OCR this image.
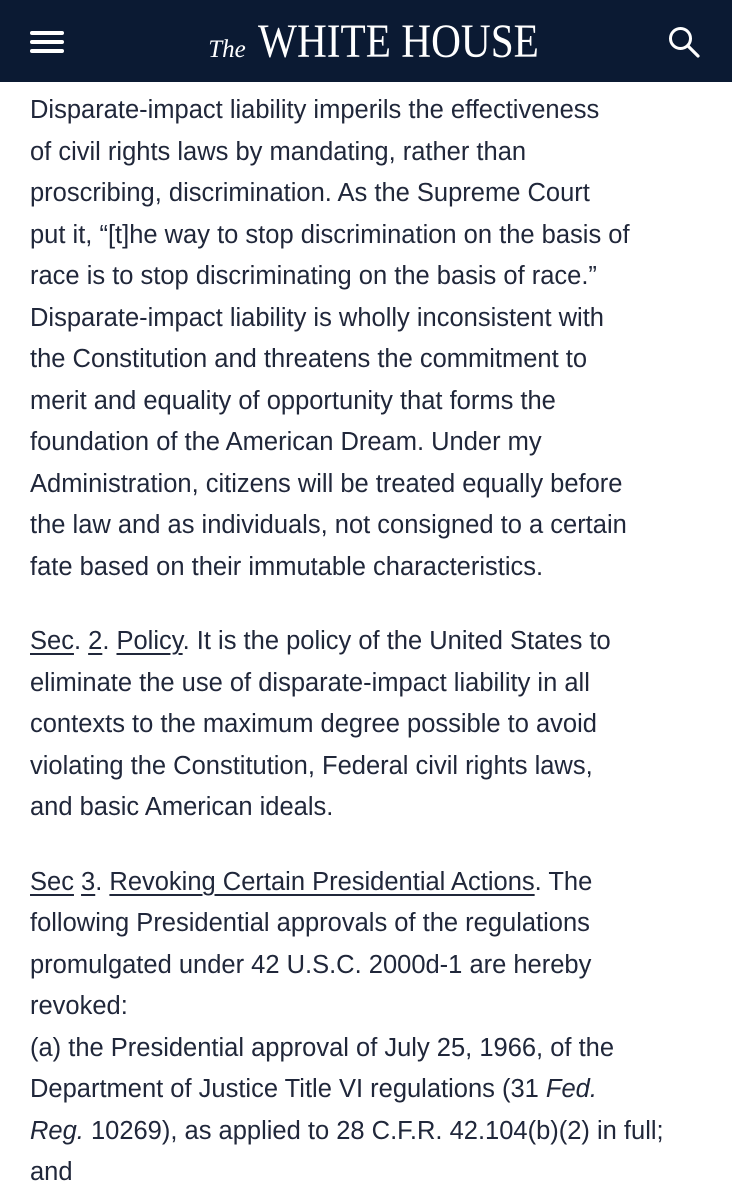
The WHITE HOUSE

Disparate-impact liability imperils the effectiveness
of civil rights laws by mandating, rather than
proscribing, discrimination. As the Supreme Court
put it, “[t]he way to stop discrimination on the basis of
race is to stop discriminating on the basis of race.”
Disparate-impact liability is wholly inconsistent with
the Constitution and threatens the commitment to
merit and equality of opportunity that forms the
foundation of the American Dream. Under my
Administration, citizens will be treated equally before
the law and as individuals, not consigned to a certain
fate based on their immutable characteristics.

Sec. 2. Policy. It is the policy of the United States to
eliminate the use of disparate-impact liability in all
contexts to the maximum degree possible to avoid
violating the Constitution, Federal civil rights laws,
and basic American ideals.

Sec 3. Revoking Certain Presidential Actions. The
following Presidential approvals of the regulations
promulgated under 42 U.S.C. 2000d-1 are hereby
revoked:
(a) the Presidential approval of July 25, 1966, of the
Department of Justice Title VI regulations (31 Fed.
Reg. 10269), as applied to 28 C.F.R. 42.104(b)(2) in full;
and
